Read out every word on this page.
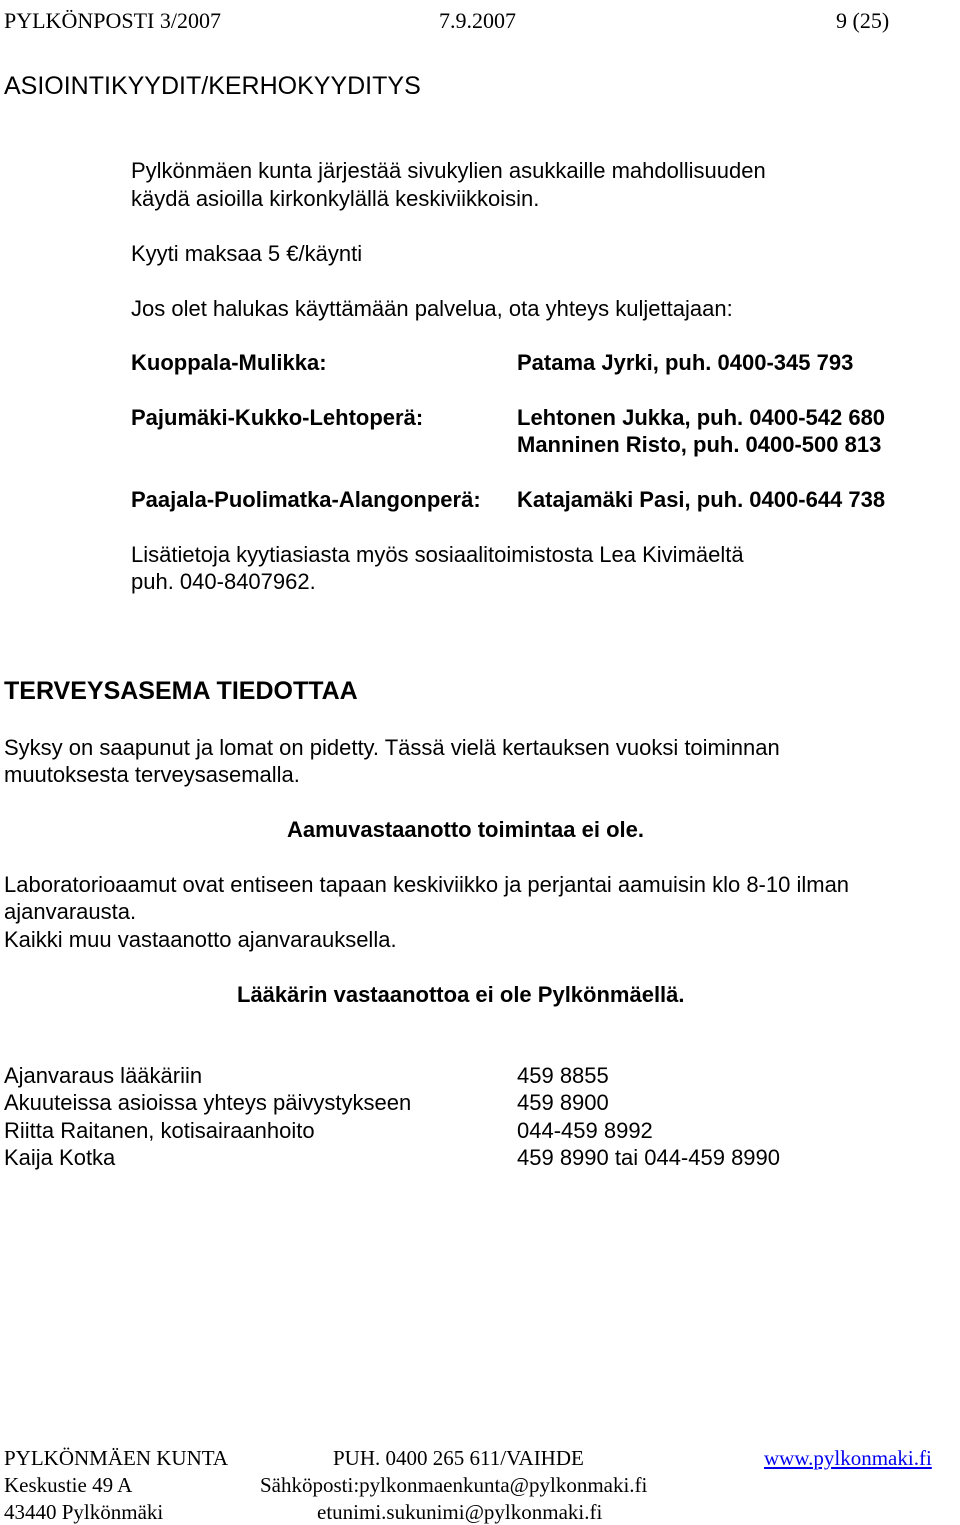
PYLKÖNPOSTI 3/2007	7.9.2007	9 (25)
ASIOINTIKYYDIT/KERHOKYYDITYS
Pylkönmäen kunta järjestää sivukylien asukkaille mahdollisuuden
käydä asioilla kirkonkylällä keskiviikkoisin.
Kyyti maksaa 5 €/käynti
Jos olet halukas käyttämään palvelua, ota yhteys kuljettajaan:
Kuoppala-Mulikka:	Patama Jyrki, puh. 0400-345 793
Pajumäki-Kukko-Lehtoperä:	Lehtonen Jukka, puh. 0400-542 680
Manninen Risto, puh. 0400-500 813
Paajala-Puolimatka-Alangonperä: Katajamäki Pasi, puh. 0400-644 738
Lisätietoja kyytiasiasta myös sosiaalitoimistosta Lea Kivimäeltä
puh. 040-8407962.
TERVEYSASEMA TIEDOTTAA
Syksy on saapunut ja lomat on pidetty. Tässä vielä kertauksen vuoksi toiminnan
muutoksesta terveysasemalla.
Aamuvastaanotto toimintaa ei ole.
Laboratorioaamut ovat entiseen tapaan keskiviikko ja perjantai aamuisin klo 8-10 ilman
ajanvarausta.
Kaikki muu vastaanotto ajanvarauksella.
Lääkärin vastaanottoa ei ole Pylkönmäellä.
Ajanvaraus lääkäriin	459 8855
Akuuteissa asioissa yhteys päivystykseen	459 8900
Riitta Raitanen, kotisairaanhoito	044-459 8992
Kaija Kotka	459 8990 tai 044-459 8990
PYLKÖNMÄEN KUNTA
Keskustie 49 A
43440 Pylkönmäki
PUH. 0400 265 611/VAIHDE
Sähköposti:pylkonmaenkunta@pylkonmaki.fi
etunimi.sukunimi@pylkonmaki.fi
www.pylkonmaki.fi
